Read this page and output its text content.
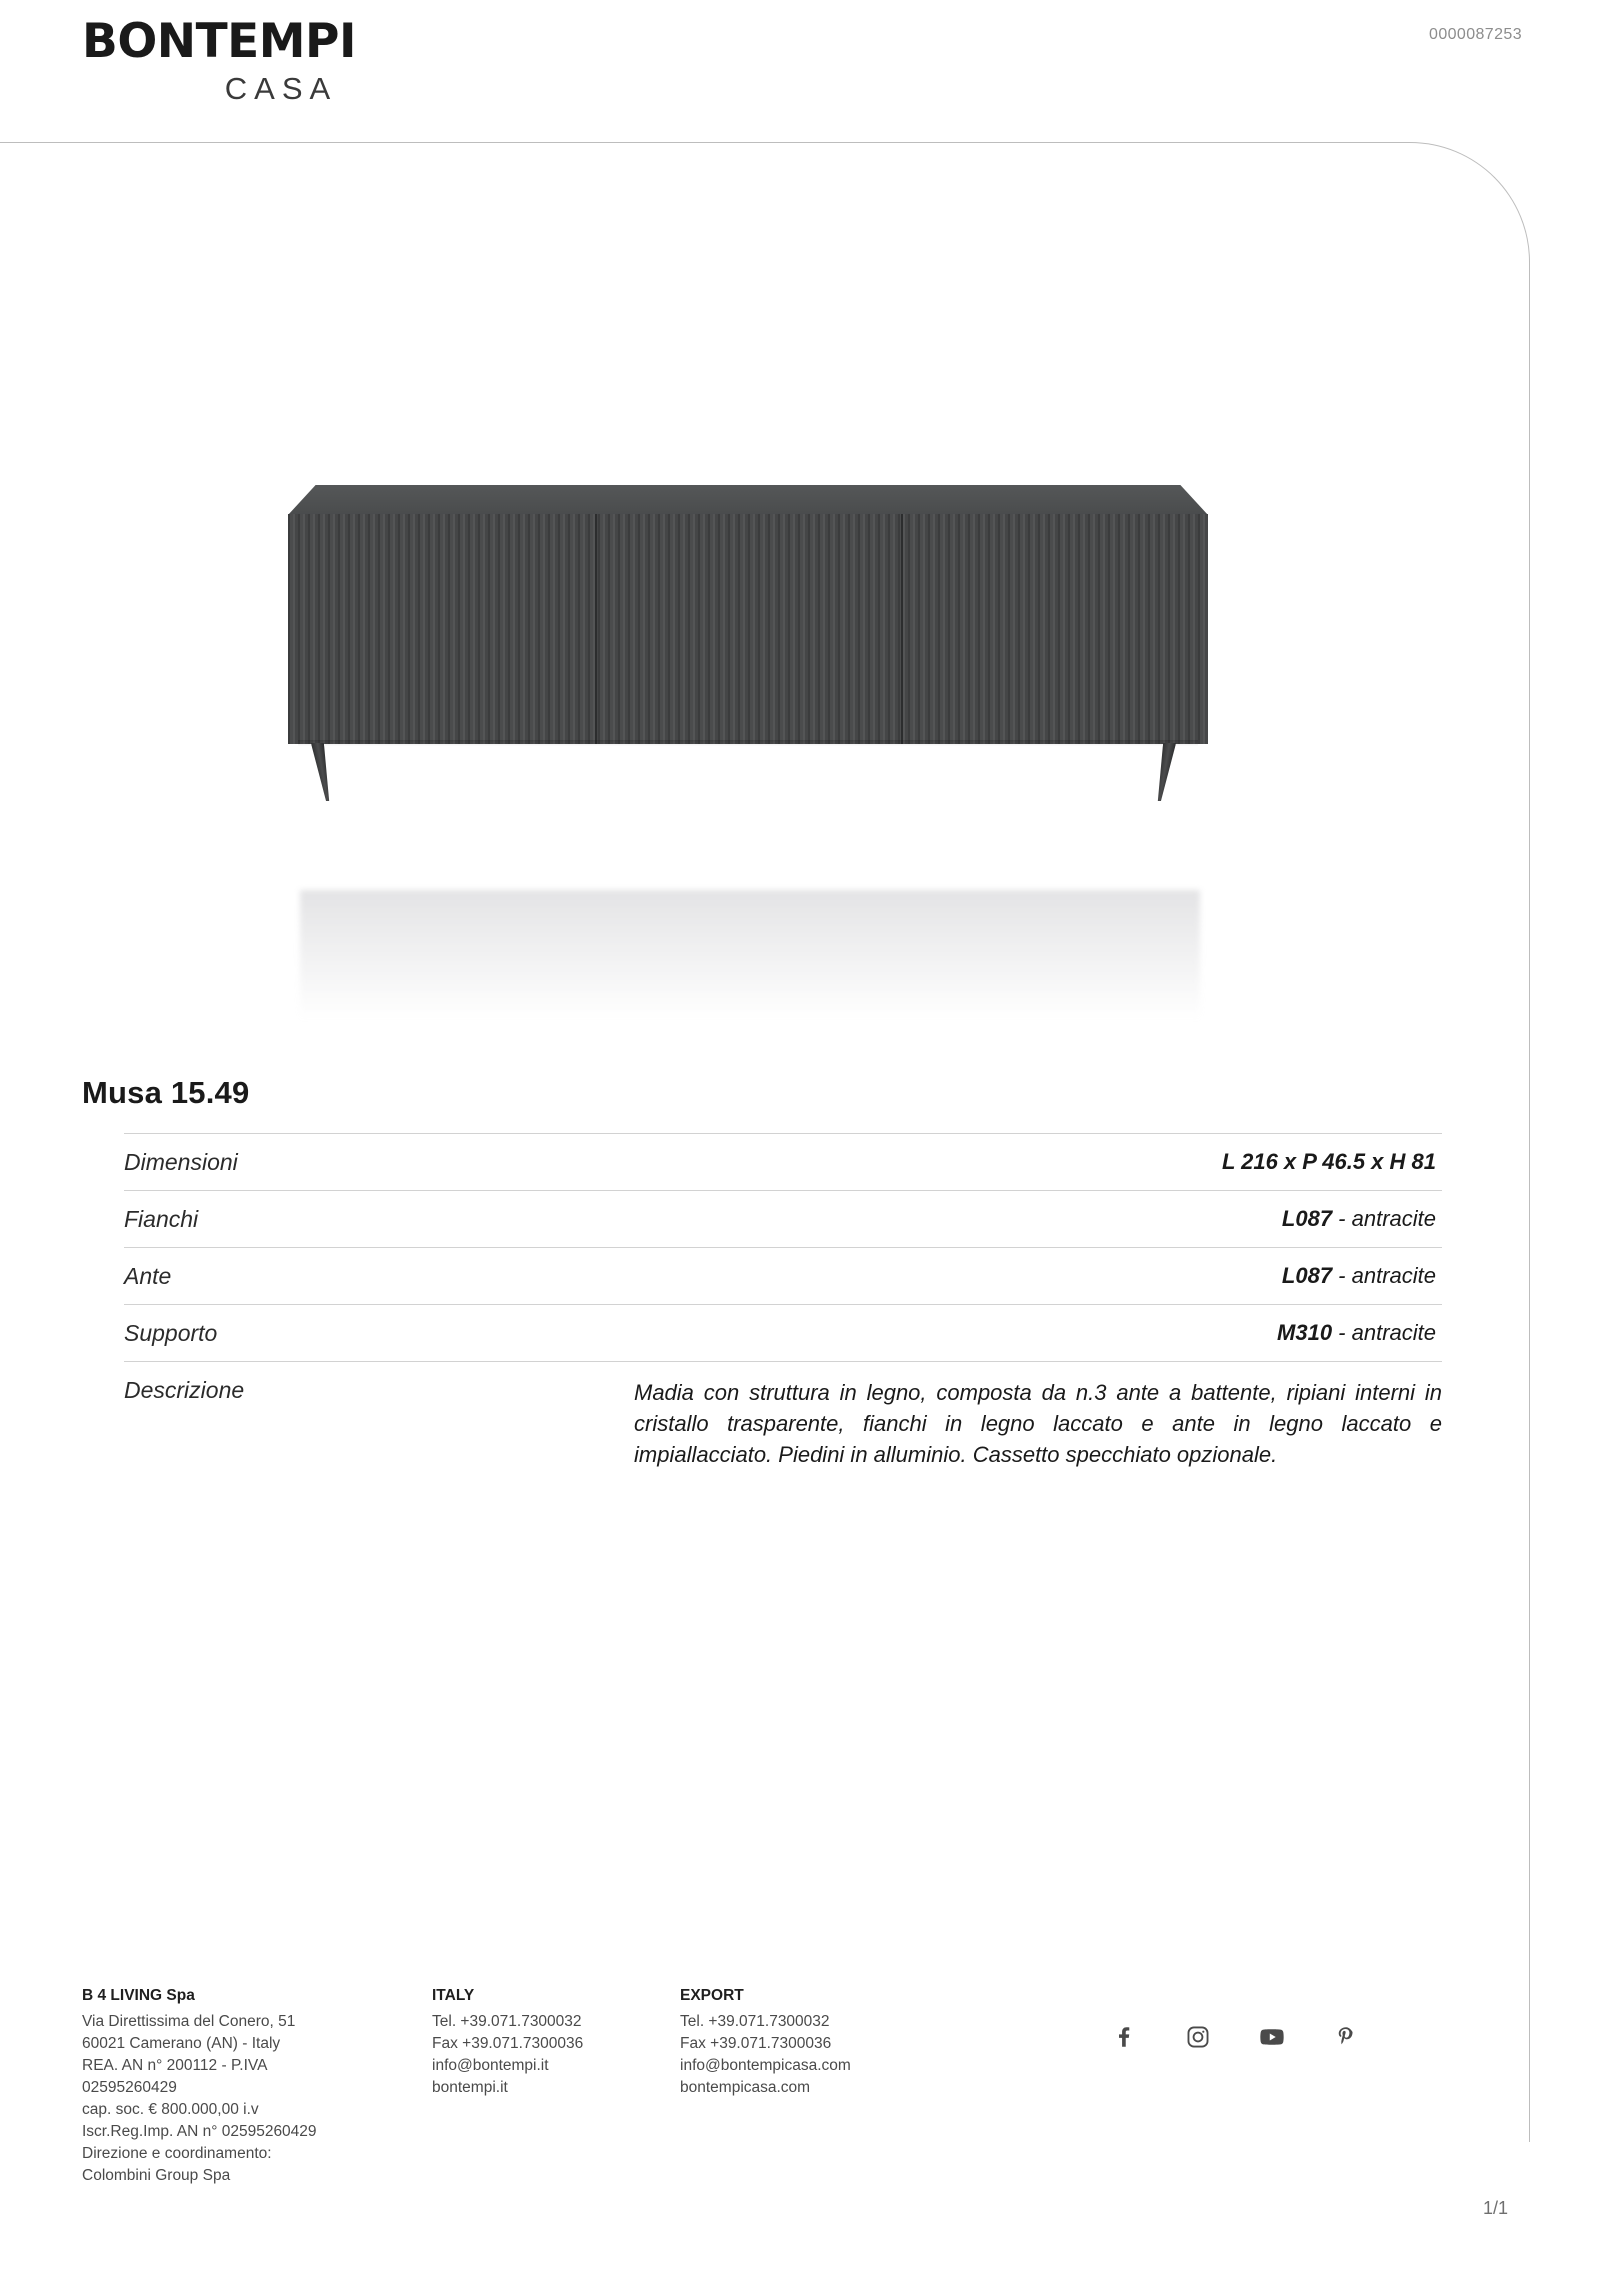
BONTEMPI
CASA
0000087253
Musa 15.49
Dimensioni	L 216 x P 46.5 x H 81
Fianchi	L087 - antracite
Ante	L087 - antracite
Supporto	M310 - antracite
Descrizione	Madia con struttura in legno, composta da n.3 ante a battente, ripiani interni in cristallo trasparente, fianchi in legno laccato e ante in legno laccato e impiallacciato. Piedini in alluminio. Cassetto specchiato opzionale.
B 4 LIVING Spa
Via Direttissima del Conero, 51
60021 Camerano (AN) - Italy
REA. AN n° 200112 - P.IVA
02595260429
cap. soc. € 800.000,00 i.v
Iscr.Reg.Imp. AN n° 02595260429
Direzione e coordinamento:
Colombini Group Spa
ITALY
Tel. +39.071.7300032
Fax +39.071.7300036
info@bontempi.it
bontempi.it
EXPORT
Tel. +39.071.7300032
Fax +39.071.7300036
info@bontempicasa.com
bontempicasa.com
1/1
